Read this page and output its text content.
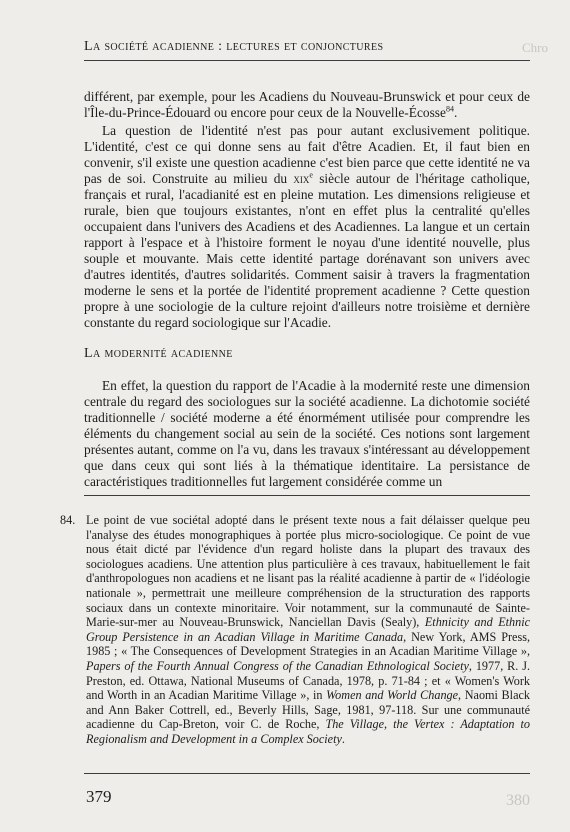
Chro
La société acadienne : lectures et conjonctures

différent, par exemple, pour les Acadiens du Nouveau-Brunswick et pour ceux de l'Île-du-Prince-Édouard ou encore pour ceux de la Nouvelle-Écosse$^{84}$.

La question de l'identité n'est pas pour autant exclusivement politique. L'identité, c'est ce qui donne sens au fait d'être Acadien. Et, il faut bien en convenir, s'il existe une question acadienne c'est bien parce que cette identité ne va pas de soi. Construite au milieu du xix$^e$ siècle autour de l'héritage catholique, français et rural, l'acadianité est en pleine mutation. Les dimensions religieuse et rurale, bien que toujours existantes, n'ont en effet plus la centralité qu'elles occupaient dans l'univers des Acadiens et des Acadiennes. La langue et un certain rapport à l'espace et à l'histoire forment le noyau d'une identité nouvelle, plus souple et mouvante. Mais cette identité partage dorénavant son univers avec d'autres identités, d'autres solidarités. Comment saisir à travers la fragmentation moderne le sens et la portée de l'identité proprement acadienne ? Cette question propre à une sociologie de la culture rejoint d'ailleurs notre troisième et dernière constante du regard sociologique sur l'Acadie.

La modernité acadienne

En effet, la question du rapport de l'Acadie à la modernité reste une dimension centrale du regard des sociologues sur la société acadienne. La dichotomie société traditionnelle / société moderne a été énormément utilisée pour comprendre les éléments du changement social au sein de la société. Ces notions sont largement présentes autant, comme on l'a vu, dans les travaux s'intéressant au développement que dans ceux qui sont liés à la thématique identitaire. La persistance de caractéristiques traditionnelles fut largement considérée comme un

84. Le point de vue sociétal adopté dans le présent texte nous a fait délaisser quelque peu l'analyse des études monographiques à portée plus micro-sociologique. Ce point de vue nous était dicté par l'évidence d'un regard holiste dans la plupart des travaux des sociologues acadiens. Une attention plus particulière à ces travaux, habituellement le fait d'anthropologues non acadiens et ne lisant pas la réalité acadienne à partir de « l'idéologie nationale », permettrait une meilleure compréhension de la structuration des rapports sociaux dans un contexte minoritaire. Voir notamment, sur la communauté de Sainte-Marie-sur-mer au Nouveau-Brunswick, Nanciellan Davis (Sealy), Ethnicity and Ethnic Group Persistence in an Acadian Village in Maritime Canada, New York, AMS Press, 1985 ; « The Consequences of Development Strategies in an Acadian Maritime Village », Papers of the Fourth Annual Congress of the Canadian Ethnological Society, 1977, R. J. Preston, ed. Ottawa, National Museums of Canada, 1978, p. 71-84 ; et « Women's Work and Worth in an Acadian Maritime Village », in Women and World Change, Naomi Black and Ann Baker Cottrell, ed., Beverly Hills, Sage, 1981, 97-118. Sur une communauté acadienne du Cap-Breton, voir C. de Roche, The Village, the Vertex : Adaptation to Regionalism and Development in a Complex Society.
379	380
